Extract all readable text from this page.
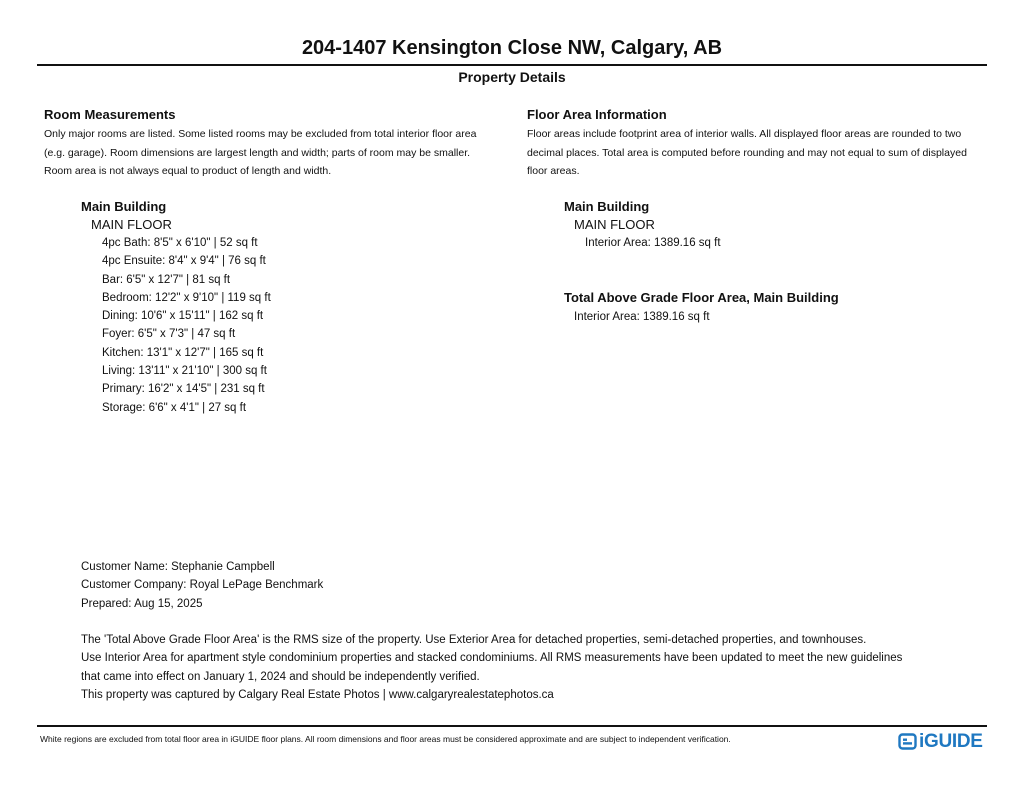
204-1407 Kensington Close NW, Calgary, AB
Property Details
Room Measurements
Only major rooms are listed. Some listed rooms may be excluded from total interior floor area
(e.g. garage). Room dimensions are largest length and width; parts of room may be smaller.
Room area is not always equal to product of length and width.
Main Building
MAIN FLOOR
4pc Bath: 8'5" x 6'10" | 52 sq ft
4pc Ensuite: 8'4" x 9'4" | 76 sq ft
Bar: 6'5" x 12'7" | 81 sq ft
Bedroom: 12'2" x 9'10" | 119 sq ft
Dining: 10'6" x 15'11" | 162 sq ft
Foyer: 6'5" x 7'3" | 47 sq ft
Kitchen: 13'1" x 12'7" | 165 sq ft
Living: 13'11" x 21'10" | 300 sq ft
Primary: 16'2" x 14'5" | 231 sq ft
Storage: 6'6" x 4'1" | 27 sq ft
Floor Area Information
Floor areas include footprint area of interior walls. All displayed floor areas are rounded to two
decimal places. Total area is computed before rounding and may not equal to sum of displayed
floor areas.
Main Building
MAIN FLOOR
Interior Area: 1389.16 sq ft
Total Above Grade Floor Area, Main Building
Interior Area: 1389.16 sq ft

Customer Name: Stephanie Campbell

Customer Company: Royal LePage Benchmark

Prepared: Aug 15, 2025

The 'Total Above Grade Floor Area' is the RMS size of the property. Use Exterior Area for detached properties, semi-detached properties, and townhouses.

Use Interior Area for apartment style condominium properties and stacked condominiums. All RMS measurements have been updated to meet the new guidelines

that came into effect on January 1, 2024 and should be independently verified.

This property was captured by Calgary Real Estate Photos | www.calgaryrealestatephotos.ca

White regions are excluded from total floor area in iGUIDE floor plans. All room dimensions and floor areas must be considered approximate and are subject to independent verification.	iGUIDE
